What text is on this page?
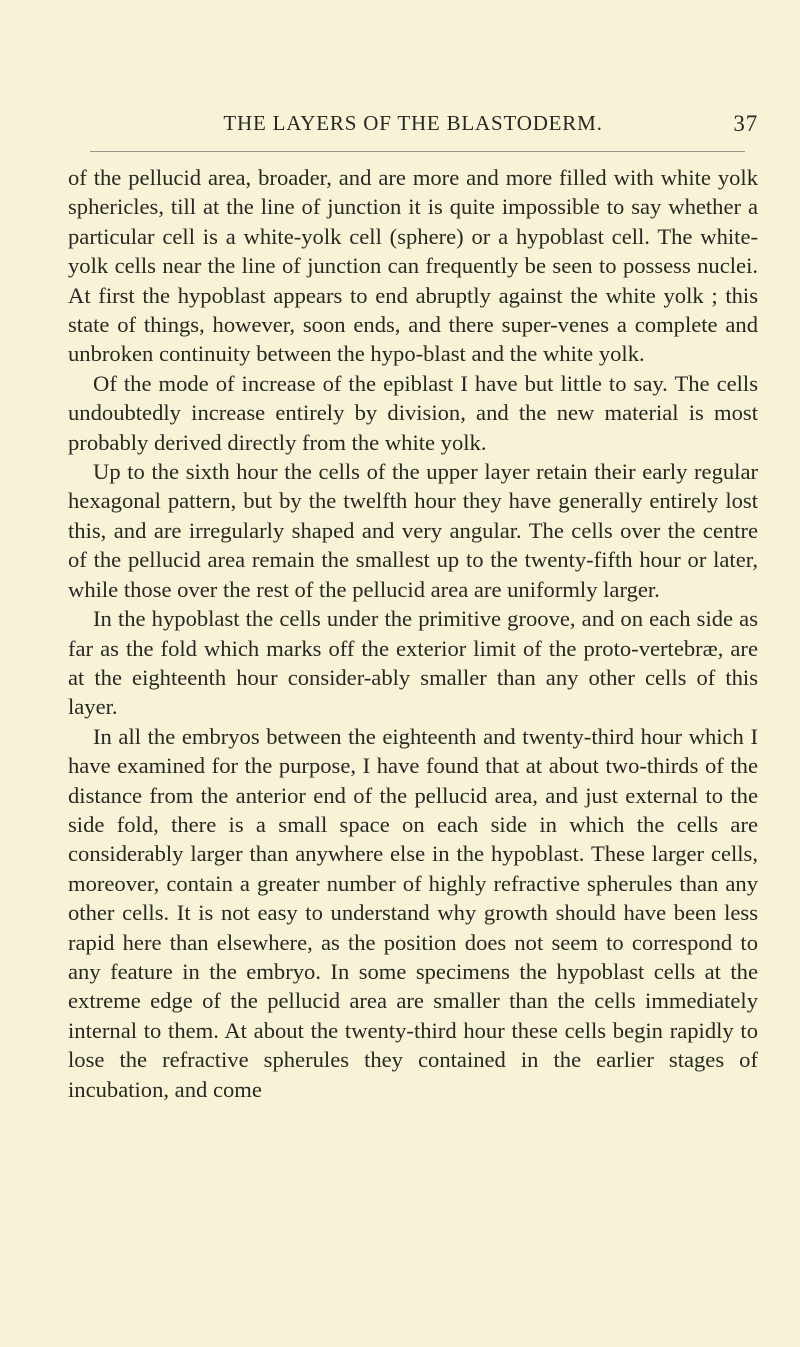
THE LAYERS OF THE BLASTODERM.	37

of the pellucid area, broader, and are more and more filled with white yolk sphericles, till at the line of junction it is quite impossible to say whether a particular cell is a white-yolk cell (sphere) or a hypoblast cell. The white-yolk cells near the line of junction can frequently be seen to possess nuclei. At first the hypoblast appears to end abruptly against the white yolk ; this state of things, however, soon ends, and there super-venes a complete and unbroken continuity between the hypo-blast and the white yolk.

Of the mode of increase of the epiblast I have but little to say. The cells undoubtedly increase entirely by division, and the new material is most probably derived directly from the white yolk.

Up to the sixth hour the cells of the upper layer retain their early regular hexagonal pattern, but by the twelfth hour they have generally entirely lost this, and are irregularly shaped and very angular. The cells over the centre of the pellucid area remain the smallest up to the twenty-fifth hour or later, while those over the rest of the pellucid area are uniformly larger.

In the hypoblast the cells under the primitive groove, and on each side as far as the fold which marks off the exterior limit of the proto-vertebræ, are at the eighteenth hour consider-ably smaller than any other cells of this layer.

In all the embryos between the eighteenth and twenty-third hour which I have examined for the purpose, I have found that at about two-thirds of the distance from the anterior end of the pellucid area, and just external to the side fold, there is a small space on each side in which the cells are considerably larger than anywhere else in the hypoblast. These larger cells, moreover, contain a greater number of highly refractive spherules than any other cells. It is not easy to understand why growth should have been less rapid here than elsewhere, as the position does not seem to correspond to any feature in the embryo. In some specimens the hypoblast cells at the extreme edge of the pellucid area are smaller than the cells immediately internal to them. At about the twenty-third hour these cells begin rapidly to lose the refractive spherules they contained in the earlier stages of incubation, and come
